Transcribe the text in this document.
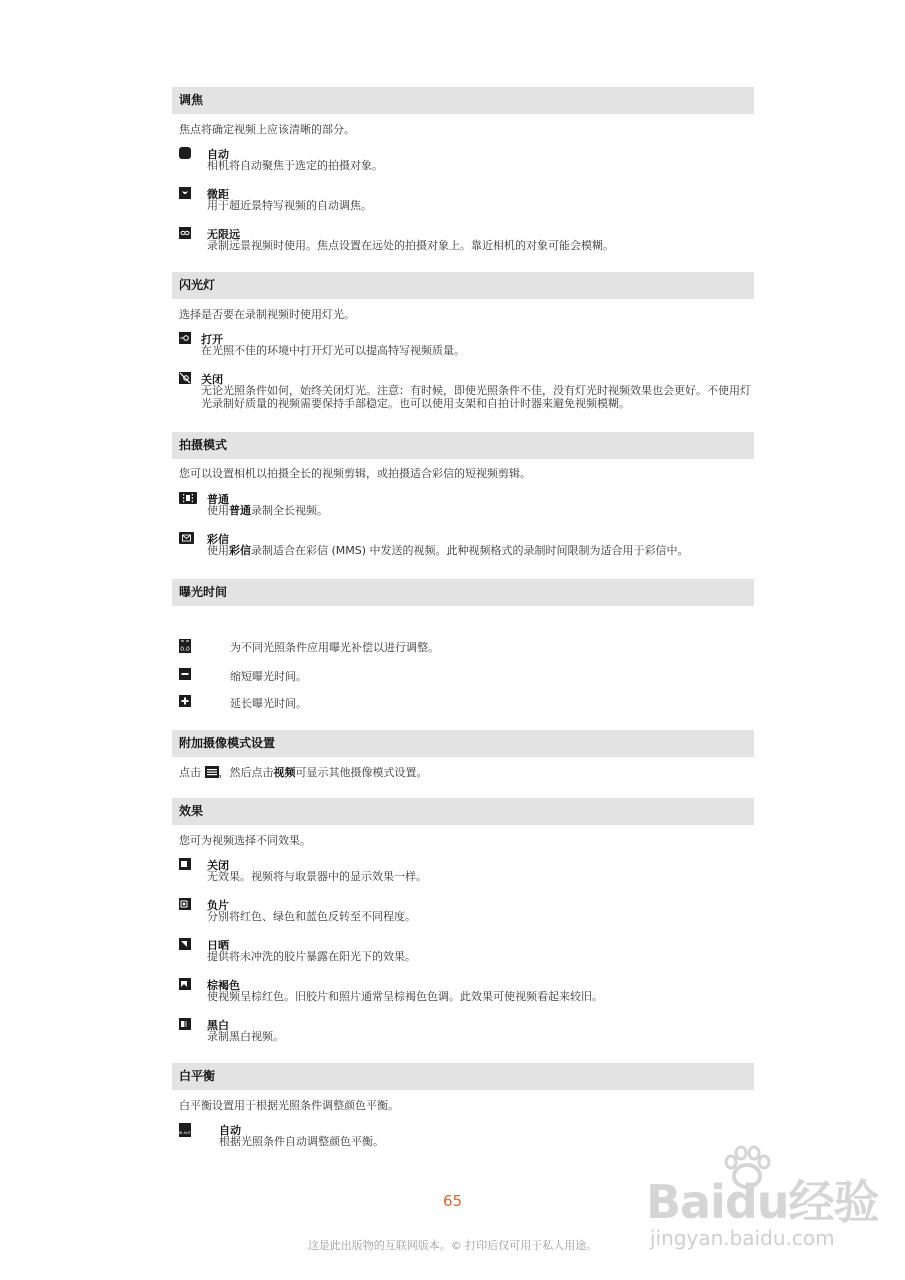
调焦
焦点将确定视频上应该清晰的部分。
自动
相机将自动聚焦于选定的拍摄对象。
微距
用于超近景特写视频的自动调焦。
无限远
录制远景视频时使用。焦点设置在远处的拍摄对象上。靠近相机的对象可能会模糊。
闪光灯
选择是否要在录制视频时使用灯光。
打开
在光照不佳的环境中打开灯光可以提高特写视频质量。
关闭
无论光照条件如何，始终关闭灯光。注意：有时候，即使光照条件不佳，没有灯光时视频效果也会更好。不使用灯光录制好质量的视频需要保持手部稳定。也可以使用支架和自拍计时器来避免视频模糊。
拍摄模式
您可以设置相机以拍摄全长的视频剪辑，或拍摄适合彩信的短视频剪辑。
普通
使用普通录制全长视频。
彩信
使用彩信录制适合在彩信 (MMS) 中发送的视频。此种视频格式的录制时间限制为适合用于彩信中。
曝光时间
0.0	为不同光照条件应用曝光补偿以进行调整。
缩短曝光时间。
延长曝光时间。
附加摄像模式设置
点击 ，然后点击视频可显示其他摄像模式设置。
效果
您可为视频选择不同效果。
关闭
无效果。视频将与取景器中的显示效果一样。
负片
分别将红色、绿色和蓝色反转至不同程度。
日晒
提供将未冲洗的胶片暴露在阳光下的效果。
棕褐色
使视频呈棕红色。旧胶片和照片通常呈棕褐色色调。此效果可使视频看起来较旧。
黑白
录制黑白视频。
白平衡
白平衡设置用于根据光照条件调整颜色平衡。
WB AUTO 自动
根据光照条件自动调整颜色平衡。
65
这是此出版物的互联网版本。© 打印后仅可用于私人用途。
Baidu经验
jingyan.baidu.com
